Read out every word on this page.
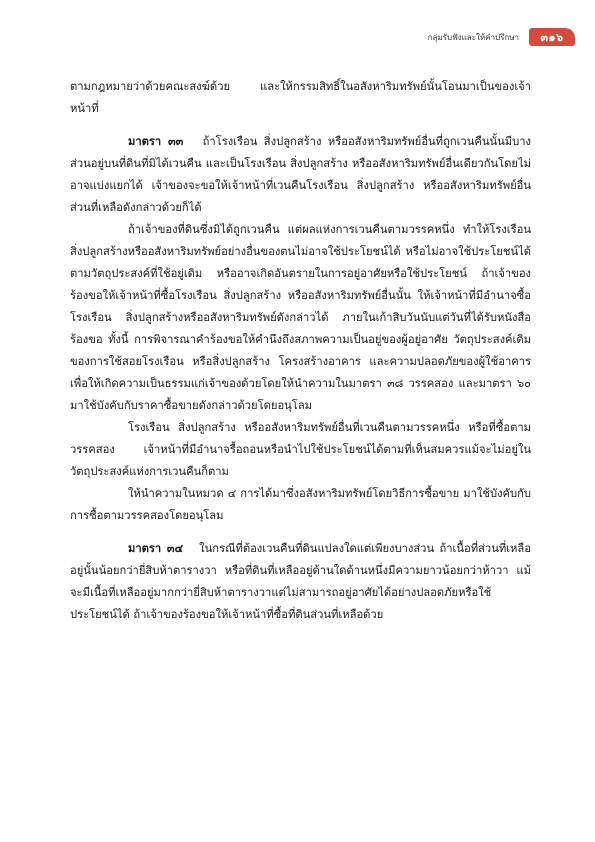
กลุ่มรับฟังและให้คำปรึกษา	๓๑๖

ตามกฎหมายว่าด้วยคณะสงฆ์ด้วย และให้กรรมสิทธิ์ในอสังหาริมทรัพย์นั้นโอนมาเป็นของเจ้าหน้าที่

มาตรา ๓๓ ถ้าโรงเรือน สิ่งปลูกสร้าง หรืออสังหาริมทรัพย์อื่นที่ถูกเวนคืนนั้นมีบางส่วนอยู่บนที่ดินที่มิได้เวนคืน และเป็นโรงเรือน สิ่งปลูกสร้าง หรืออสังหาริมทรัพย์อื่นเดียวกันโดยไม่อาจแบ่งแยกได้ เจ้าของจะขอให้เจ้าหน้าที่เวนคืนโรงเรือน สิ่งปลูกสร้าง หรืออสังหาริมทรัพย์อื่นส่วนที่เหลือดังกล่าวด้วยก็ได้

ถ้าเจ้าของที่ดินซึ่งมิได้ถูกเวนคืน แต่ผลแห่งการเวนคืนตามวรรคหนึ่ง ทำให้โรงเรือน สิ่งปลูกสร้างหรืออสังหาริมทรัพย์อย่างอื่นของตนไม่อาจใช้ประโยชน์ได้ หรือไม่อาจใช้ประโยชน์ได้ตามวัตถุประสงค์ที่ใช้อยู่เดิม หรืออาจเกิดอันตรายในการอยู่อาศัยหรือใช้ประโยชน์ ถ้าเจ้าของร้องขอให้เจ้าหน้าที่ซื้อโรงเรือน สิ่งปลูกสร้าง หรืออสังหาริมทรัพย์อื่นนั้น ให้เจ้าหน้าที่มีอำนาจซื้อโรงเรือน สิ่งปลูกสร้างหรืออสังหาริมทรัพย์ดังกล่าวได้ ภายในเก้าสิบวันนับแต่วันที่ได้รับหนังสือร้องขอ ทั้งนี้ การพิจารณาคำร้องขอให้คำนึงถึงสภาพความเป็นอยู่ของผู้อยู่อาศัย วัตถุประสงค์เดิมของการใช้สอยโรงเรือน หรือสิ่งปลูกสร้าง โครงสร้างอาคาร และความปลอดภัยของผู้ใช้อาคาร เพื่อให้เกิดความเป็นธรรมแก่เจ้าของด้วยโดยให้นำความในมาตรา ๓๘ วรรคสอง และมาตรา ๖๐ มาใช้บังคับกับราคาซื้อขายดังกล่าวด้วยโดยอนุโลม

โรงเรือน สิ่งปลูกสร้าง หรืออสังหาริมทรัพย์อื่นที่เวนคืนตามวรรคหนึ่ง หรือที่ซื้อตามวรรคสอง เจ้าหน้าที่มีอำนาจรื้อถอนหรือนำไปใช้ประโยชน์ได้ตามที่เห็นสมควรแม้จะไม่อยู่ในวัตถุประสงค์แห่งการเวนคืนก็ตาม

ให้นำความในหมวด ๔ การได้มาซึ่งอสังหาริมทรัพย์โดยวิธีการซื้อขาย มาใช้บังคับกับการซื้อตามวรรคสองโดยอนุโลม

มาตรา ๓๔ ในกรณีที่ต้องเวนคืนที่ดินแปลงใดแต่เพียงบางส่วน ถ้าเนื้อที่ส่วนที่เหลืออยู่นั้นน้อยกว่ายี่สิบห้าตารางวา หรือที่ดินที่เหลืออยู่ด้านใดด้านหนึ่งมีความยาวน้อยกว่าห้าวา แม้จะมีเนื้อที่เหลืออยู่มากกว่ายี่สิบห้าตารางวาแต่ไม่สามารถอยู่อาศัยได้อย่างปลอดภัยหรือใช้ประโยชน์ได้ ถ้าเจ้าของร้องขอให้เจ้าหน้าที่ซื้อที่ดินส่วนที่เหลือด้วย
